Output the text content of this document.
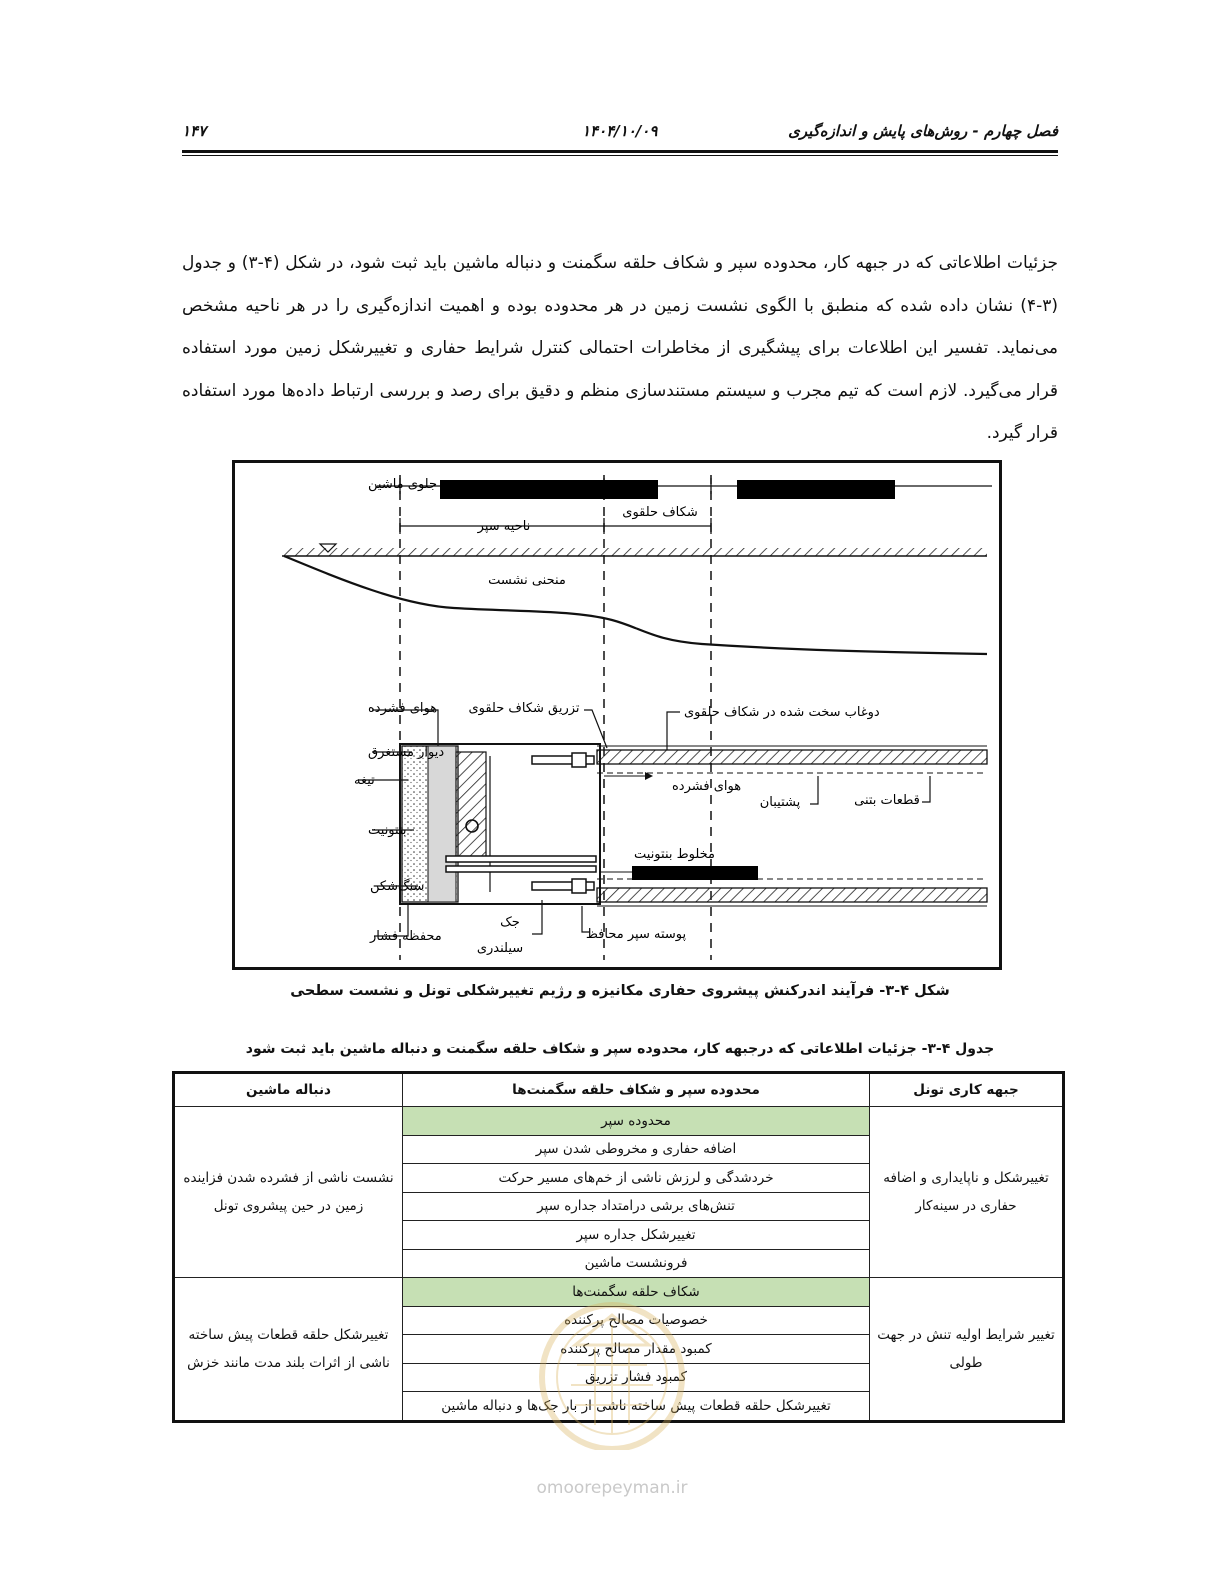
فصل چهارم - روش‌های پایش و اندازه‌گیری
۱۴۰۴/۱۰/۰۹
۱۴۷

جزئیات اطلاعاتی که در جبهه کار، محدوده سپر و شکاف حلقه سگمنت و دنباله ماشین باید ثبت شود، در شکل (۴-۳) و جدول (۳-۴) نشان داده شده که منطبق با الگوی نشست زمین در هر محدوده بوده و اهمیت اندازه‌گیری را در هر ناحیه مشخص می‌نماید. تفسیر این اطلاعات برای پیشگیری از مخاطرات احتمالی کنترل شرایط حفاری و تغییرشکل زمین مورد استفاده قرار می‌گیرد. لازم است که تیم مجرب و سیستم مستندسازی منظم و دقیق برای رصد و بررسی ارتباط داده‌ها مورد استفاده قرار گیرد.

نشست جلوی ماشین
ناحیه سپر
شکاف حلقوی
منحنی نشست
هوای فشرده تزریق شکاف حلقوی	دوغاب سخت شده در شکاف حلقوی
هوای فشرده
پشتیبان	قطعات بتنی
مخلوط بنتونیت
دیوار مستغرق
تیغه
بنتونیت
سنگ‌شکن
محفظه فشار
جک
سیلندری
پوسته سپر محافظ
شکل ۴-۳- فرآیند اندرکنش پیشروی حفاری مکانیزه و رژیم تغییرشکلی تونل و نشست سطحی
جدول ۴-۳- جزئیات اطلاعاتی که درجبهه کار، محدوده سپر و شکاف حلقه سگمنت و دنباله ماشین باید ثبت شود
جبهه کاری تونل	محدوده سپر و شکاف حلقه سگمنت‌ها	دنباله ماشین
تغییرشکل و ناپایداری و اضافه حفاری در سینه‌کار	محدوده سپر	نشست ناشی از فشرده شدن فزاینده زمین در حین پیشروی تونل
	اضافه حفاری و مخروطی شدن سپر	
	خردشدگی و لرزش ناشی از خم‌های مسیر حرکت	
	تنش‌های برشی درامتداد جداره سپر	
	تغییرشکل جداره سپر	
	فرونشست ماشین	
تغییر شرایط اولیه تنش در جهت طولی	شکاف حلقه سگمنت‌ها	تغییرشکل حلقه قطعات پیش ساخته ناشی از اثرات بلند مدت مانند خزش
	خصوصیات مصالح پرکننده	
	کمبود مقدار مصالح پرکننده	
	کمبود فشار تزریق	
	تغییرشکل حلقه قطعات پیش ساخته ناشی از بار جک‌ها و دنباله ماشین	
omoorepeyman.ir
